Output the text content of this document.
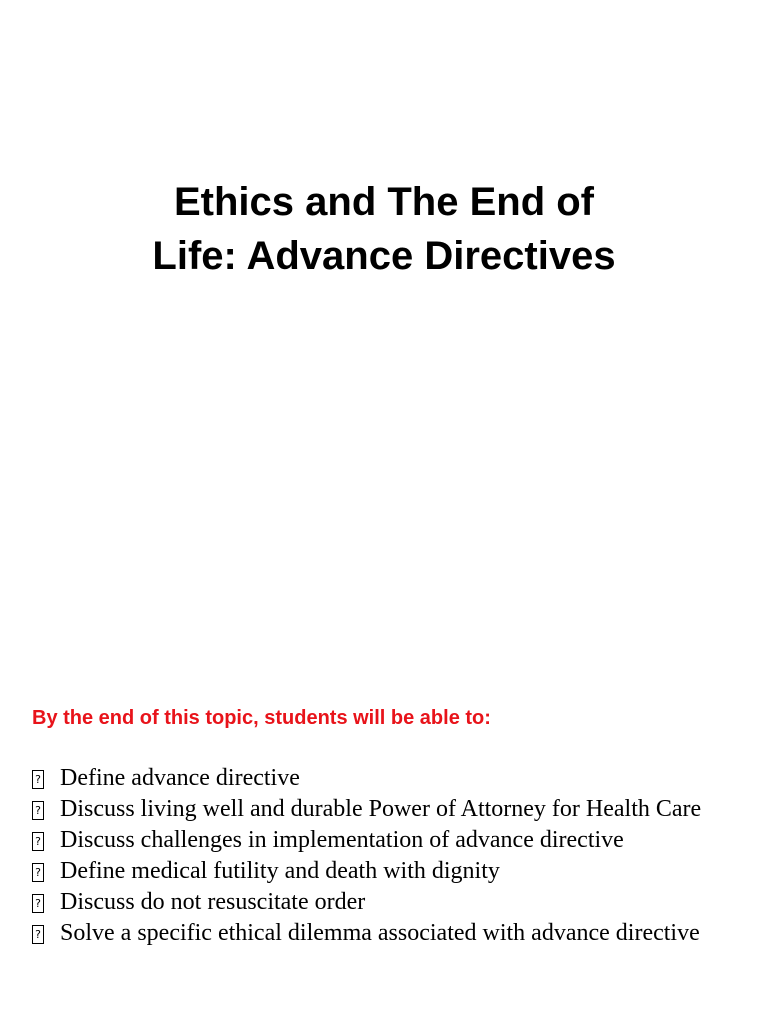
Ethics and The End of
Life: Advance Directives
By the end of this topic, students will be able to:
? Define advance directive
? Discuss living well and durable Power of Attorney for Health Care
? Discuss challenges in implementation of advance directive
? Define medical futility and death with dignity
? Discuss do not resuscitate order
? Solve a specific ethical dilemma associated with advance directive
